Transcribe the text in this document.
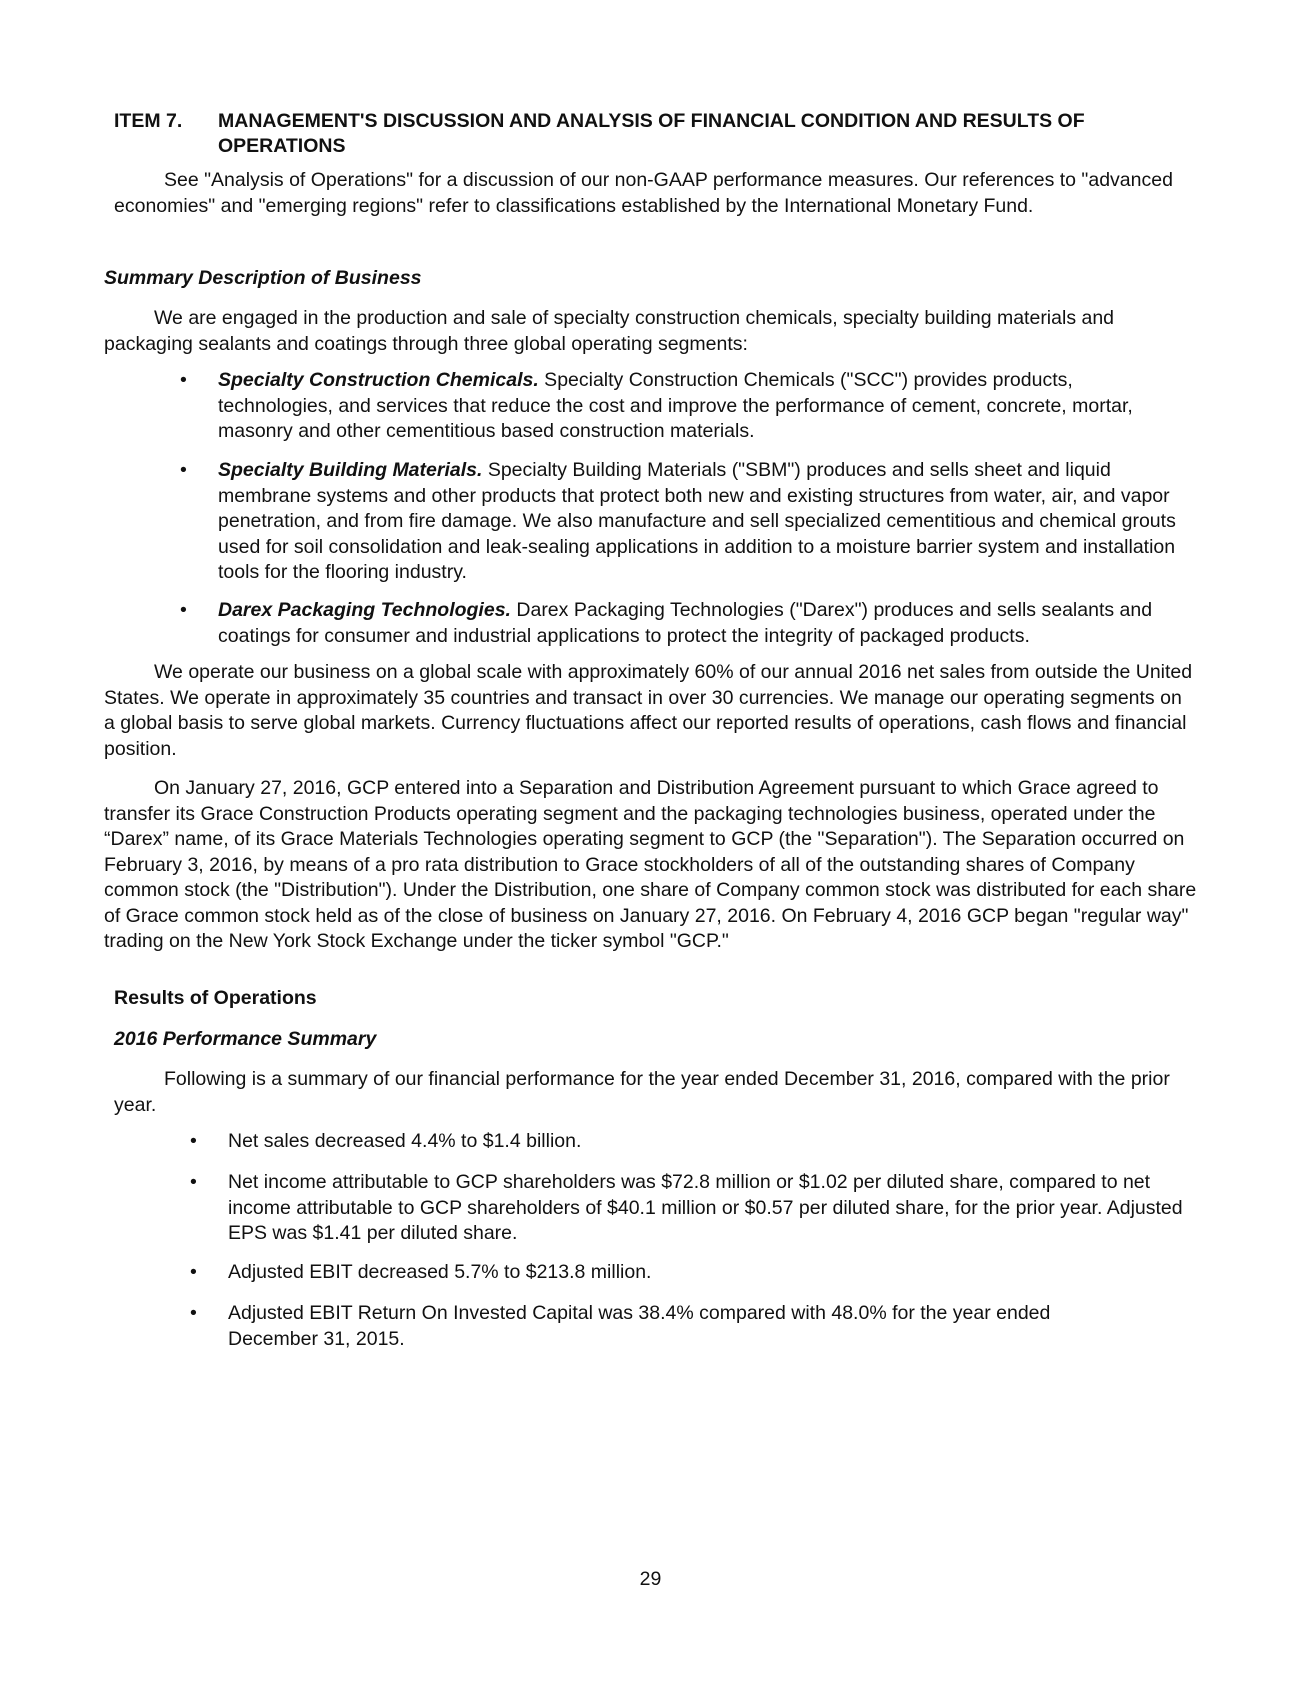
ITEM 7. MANAGEMENT'S DISCUSSION AND ANALYSIS OF FINANCIAL CONDITION AND RESULTS OF
OPERATIONS

See "Analysis of Operations" for a discussion of our non-GAAP performance measures. Our references to "advanced economies" and "emerging regions" refer to classifications established by the International Monetary Fund.

Summary Description of Business

We are engaged in the production and sale of specialty construction chemicals, specialty building materials and packaging sealants and coatings through three global operating segments:

• Specialty Construction Chemicals. Specialty Construction Chemicals ("SCC") provides products, technologies, and services that reduce the cost and improve the performance of cement, concrete, mortar, masonry and other cementitious based construction materials.
• Specialty Building Materials. Specialty Building Materials ("SBM") produces and sells sheet and liquid membrane systems and other products that protect both new and existing structures from water, air, and vapor penetration, and from fire damage. We also manufacture and sell specialized cementitious and chemical grouts used for soil consolidation and leak-sealing applications in addition to a moisture barrier system and installation tools for the flooring industry.
• Darex Packaging Technologies. Darex Packaging Technologies ("Darex") produces and sells sealants and coatings for consumer and industrial applications to protect the integrity of packaged products.

We operate our business on a global scale with approximately 60% of our annual 2016 net sales from outside the United States. We operate in approximately 35 countries and transact in over 30 currencies. We manage our operating segments on a global basis to serve global markets. Currency fluctuations affect our reported results of operations, cash flows and financial position.

On January 27, 2016, GCP entered into a Separation and Distribution Agreement pursuant to which Grace agreed to transfer its Grace Construction Products operating segment and the packaging technologies business, operated under the “Darex” name, of its Grace Materials Technologies operating segment to GCP (the "Separation"). The Separation occurred on February 3, 2016, by means of a pro rata distribution to Grace stockholders of all of the outstanding shares of Company common stock (the "Distribution"). Under the Distribution, one share of Company common stock was distributed for each share of Grace common stock held as of the close of business on January 27, 2016. On February 4, 2016 GCP began "regular way" trading on the New York Stock Exchange under the ticker symbol "GCP."

Results of Operations

2016 Performance Summary

Following is a summary of our financial performance for the year ended December 31, 2016, compared with the prior year.

• Net sales decreased 4.4% to $1.4 billion.
• Net income attributable to GCP shareholders was $72.8 million or $1.02 per diluted share, compared to net income attributable to GCP shareholders of $40.1 million or $0.57 per diluted share, for the prior year. Adjusted EPS was $1.41 per diluted share.
• Adjusted EBIT decreased 5.7% to $213.8 million.
• Adjusted EBIT Return On Invested Capital was 38.4% compared with 48.0% for the year ended December 31, 2015.
29
